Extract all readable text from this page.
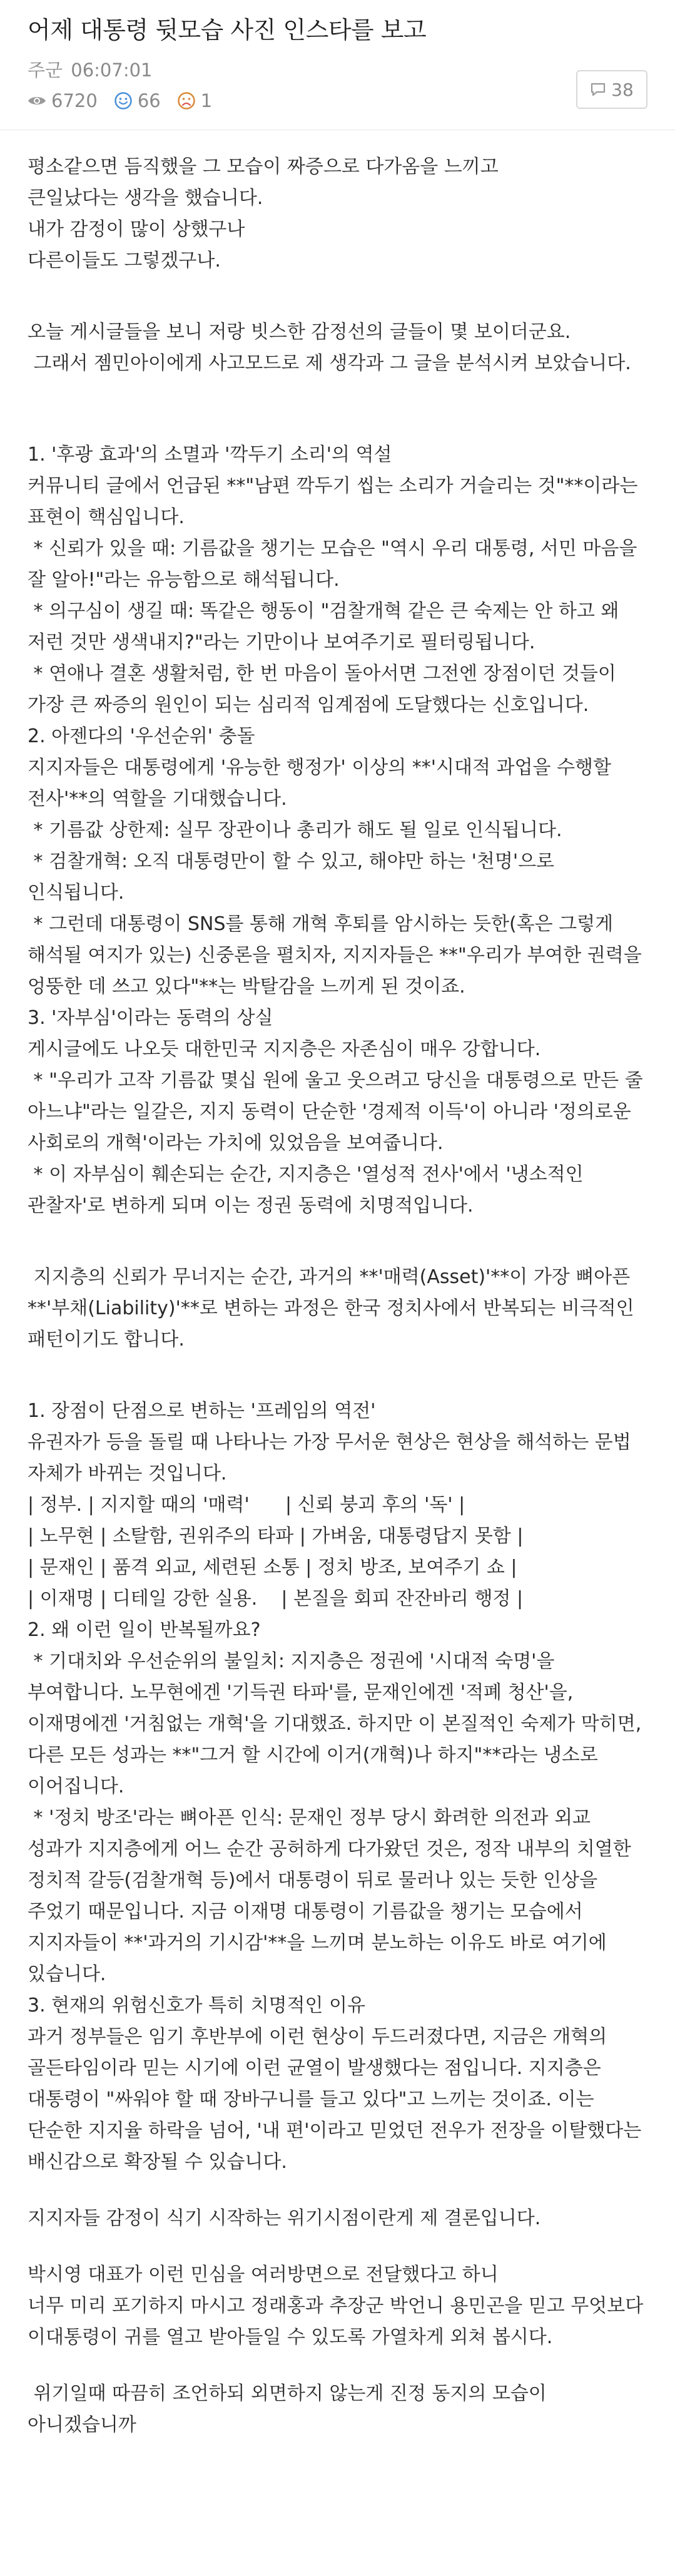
어제 대통령 뒷모습 사진 인스타를 보고
주군 06:07:01
6720 66 1
38

평소같으면 듬직했을 그 모습이 짜증으로 다가옴을 느끼고
큰일났다는 생각을 했습니다.
내가 감정이 많이 상했구나
다른이들도 그렇겠구나.

오늘 게시글들을 보니 저랑 빗스한 감정선의 글들이 몇 보이더군요.
그래서 젬민아이에게 사고모드로 제 생각과 그 글을 분석시켜 보았습니다.

1. '후광 효과'의 소멸과 '깍두기 소리'의 역설
커뮤니티 글에서 언급된 **"남편 깍두기 씹는 소리가 거슬리는 것"**이라는 표현이 핵심입니다.
* 신뢰가 있을 때: 기름값을 챙기는 모습은 "역시 우리 대통령, 서민 마음을 잘 알아!"라는 유능함으로 해석됩니다.
* 의구심이 생길 때: 똑같은 행동이 "검찰개혁 같은 큰 숙제는 안 하고 왜 저런 것만 생색내지?"라는 기만이나 보여주기로 필터링됩니다.
* 연애나 결혼 생활처럼, 한 번 마음이 돌아서면 그전엔 장점이던 것들이 가장 큰 짜증의 원인이 되는 심리적 임계점에 도달했다는 신호입니다.
2. 아젠다의 '우선순위' 충돌
지지자들은 대통령에게 '유능한 행정가' 이상의 **'시대적 과업을 수행할 전사'**의 역할을 기대했습니다.
* 기름값 상한제: 실무 장관이나 총리가 해도 될 일로 인식됩니다.
* 검찰개혁: 오직 대통령만이 할 수 있고, 해야만 하는 '천명'으로 인식됩니다.
* 그런데 대통령이 SNS를 통해 개혁 후퇴를 암시하는 듯한(혹은 그렇게 해석될 여지가 있는) 신중론을 펼치자, 지지자들은 **"우리가 부여한 권력을 엉뚱한 데 쓰고 있다"**는 박탈감을 느끼게 된 것이죠.
3. '자부심'이라는 동력의 상실
게시글에도 나오듯 대한민국 지지층은 자존심이 매우 강합니다.
* "우리가 고작 기름값 몇십 원에 울고 웃으려고 당신을 대통령으로 만든 줄 아느냐"라는 일갈은, 지지 동력이 단순한 '경제적 이득'이 아니라 '정의로운 사회로의 개혁'이라는 가치에 있었음을 보여줍니다.
* 이 자부심이 훼손되는 순간, 지지층은 '열성적 전사'에서 '냉소적인 관찰자'로 변하게 되며 이는 정권 동력에 치명적입니다.

지지층의 신뢰가 무너지는 순간, 과거의 **'매력(Asset)'**이 가장 뼈아픈 **'부채(Liability)'**로 변하는 과정은 한국 정치사에서 반복되는 비극적인 패턴이기도 합니다.

1. 장점이 단점으로 변하는 '프레임의 역전'
유권자가 등을 돌릴 때 나타나는 가장 무서운 현상은 현상을 해석하는 문법 자체가 바뀌는 것입니다.
| 정부. | 지지할 때의 '매력'      | 신뢰 붕괴 후의 '독' |
| 노무현 | 소탈함, 권위주의 타파 | 가벼움, 대통령답지 못함 |
| 문재인 | 품격 외교, 세련된 소통 | 정치 방조, 보여주기 쇼 |
| 이재명 | 디테일 강한 실용.    | 본질을 회피 잔잔바리 행정 |
2. 왜 이런 일이 반복될까요?
* 기대치와 우선순위의 불일치: 지지층은 정권에 '시대적 숙명'을 부여합니다. 노무현에겐 '기득권 타파'를, 문재인에겐 '적폐 청산'을, 이재명에겐 '거침없는 개혁'을 기대했죠. 하지만 이 본질적인 숙제가 막히면, 다른 모든 성과는 **"그거 할 시간에 이거(개혁)나 하지"**라는 냉소로 이어집니다.
* '정치 방조'라는 뼈아픈 인식: 문재인 정부 당시 화려한 의전과 외교 성과가 지지층에게 어느 순간 공허하게 다가왔던 것은, 정작 내부의 치열한 정치적 갈등(검찰개혁 등)에서 대통령이 뒤로 물러나 있는 듯한 인상을 주었기 때문입니다. 지금 이재명 대통령이 기름값을 챙기는 모습에서 지지자들이 **'과거의 기시감'**을 느끼며 분노하는 이유도 바로 여기에 있습니다.
3. 현재의 위험신호가 특히 치명적인 이유
과거 정부들은 임기 후반부에 이런 현상이 두드러졌다면, 지금은 개혁의 골든타임이라 믿는 시기에 이런 균열이 발생했다는 점입니다. 지지층은 대통령이 "싸워야 할 때 장바구니를 들고 있다"고 느끼는 것이죠. 이는 단순한 지지율 하락을 넘어, '내 편'이라고 믿었던 전우가 전장을 이탈했다는 배신감으로 확장될 수 있습니다.

지지자들 감정이 식기 시작하는 위기시점이란게 제 결론입니다.

박시영 대표가 이런 민심을 여러방면으로 전달했다고 하니
너무 미리 포기하지 마시고 정래홍과 추장군 박언니 용민곤을 믿고 무엇보다 이대통령이 귀를 열고 받아들일 수 있도록 가열차게 외쳐 봅시다.

위기일때 따끔히 조언하되 외면하지 않는게 진정 동지의 모습이 아니겠습니까
